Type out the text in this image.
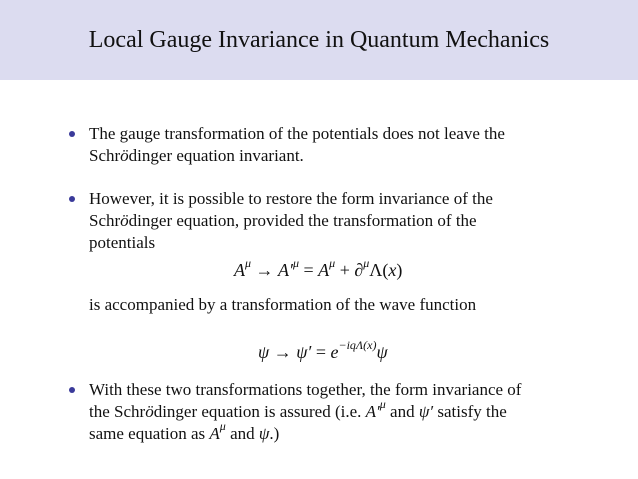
Local Gauge Invariance in Quantum Mechanics
The gauge transformation of the potentials does not leave the
Schrödinger equation invariant.
However, it is possible to restore the form invariance of the
Schrödinger equation, provided the transformation of the
potentials
$A^\mu \to A'^\mu = A^\mu + \partial^\mu\Lambda(x)$
is accompanied by a transformation of the wave function
$\psi \to \psi' = e^{-iq\Lambda(x)}\psi$
With these two transformations together, the form invariance of
the Schrödinger equation is assured (i.e. $A'^\mu$ and ψ′ satisfy the
same equation as $A^\mu$ and ψ.)
